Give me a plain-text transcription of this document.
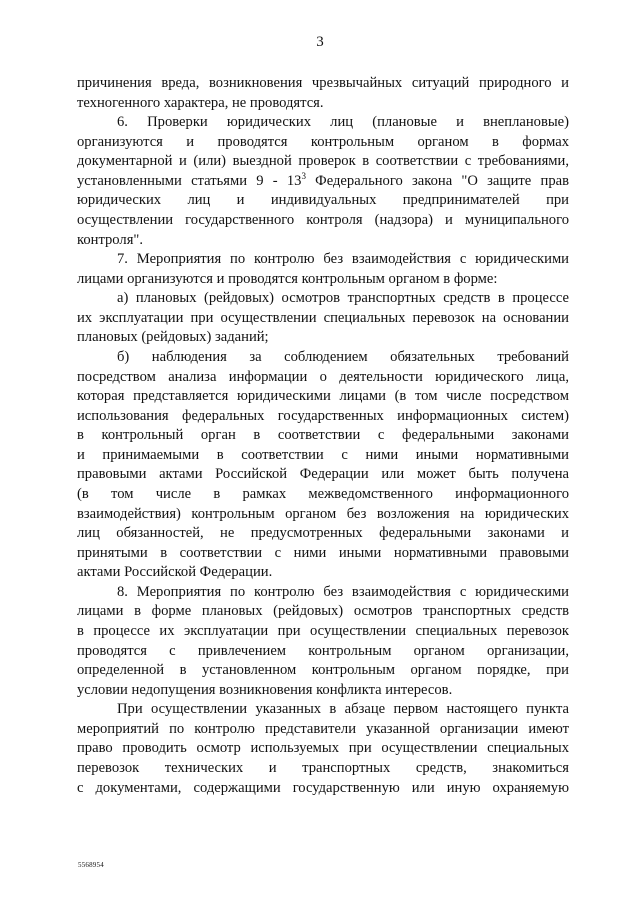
3
причинения вреда, возникновения чрезвычайных ситуаций природного и
техногенного характера, не проводятся.
6. Проверки юридических лиц (плановые и внеплановые)
организуются и проводятся контрольным органом в формах
документарной и (или) выездной проверок в соответствии с требованиями,
установленными статьями $9 - 13^3$ Федерального закона "О защите прав
юридических лиц и индивидуальных предпринимателей при
осуществлении государственного контроля (надзора) и муниципального
контроля".
7. Мероприятия по контролю без взаимодействия с юридическими
лицами организуются и проводятся контрольным органом в форме:
а) плановых (рейдовых) осмотров транспортных средств в процессе
их эксплуатации при осуществлении специальных перевозок на основании
плановых (рейдовых) заданий;
б) наблюдения за соблюдением обязательных требований
посредством анализа информации о деятельности юридического лица,
которая представляется юридическими лицами (в том числе посредством
использования федеральных государственных информационных систем)
в контрольный орган в соответствии с федеральными законами
и принимаемыми в соответствии с ними иными нормативными
правовыми актами Российской Федерации или может быть получена
(в том числе в рамках межведомственного информационного
взаимодействия) контрольным органом без возложения на юридических
лиц обязанностей, не предусмотренных федеральными законами и
принятыми в соответствии с ними иными нормативными правовыми
актами Российской Федерации.
8. Мероприятия по контролю без взаимодействия с юридическими
лицами в форме плановых (рейдовых) осмотров транспортных средств
в процессе их эксплуатации при осуществлении специальных перевозок
проводятся с привлечением контрольным органом организации,
определенной в установленном контрольным органом порядке, при
условии недопущения возникновения конфликта интересов.
При осуществлении указанных в абзаце первом настоящего пункта
мероприятий по контролю представители указанной организации имеют
право проводить осмотр используемых при осуществлении специальных
перевозок технических и транспортных средств, знакомиться
с документами, содержащими государственную или иную охраняемую
5568954
